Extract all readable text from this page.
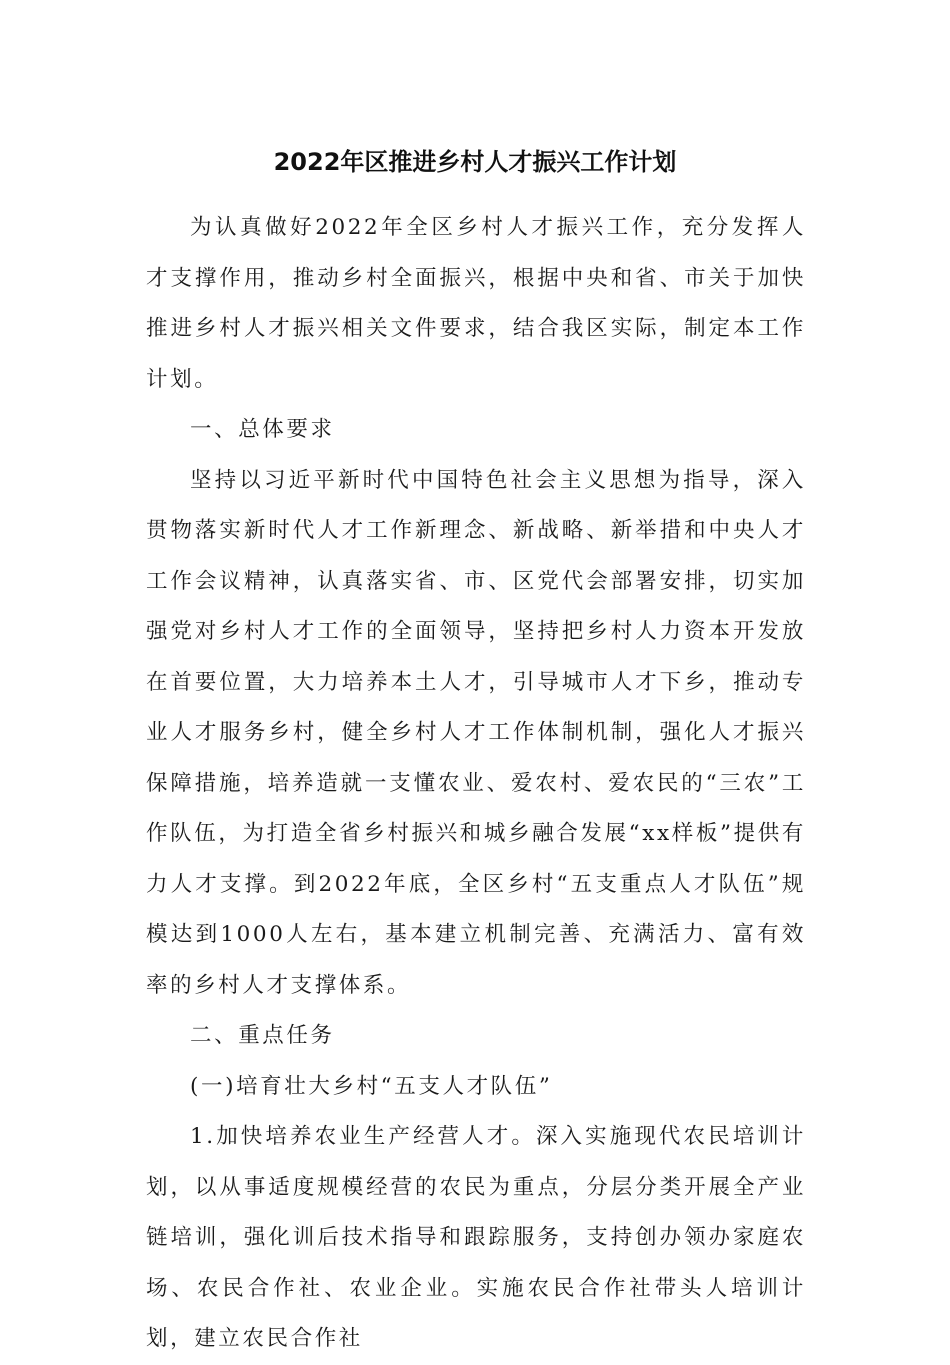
2022年区推进乡村人才振兴工作计划

为认真做好2022年全区乡村人才振兴工作，充分发挥人才支撑作用，推动乡村全面振兴，根据中央和省、市关于加快推进乡村人才振兴相关文件要求，结合我区实际，制定本工作计划。

一、总体要求

坚持以习近平新时代中国特色社会主义思想为指导，深入贯物落实新时代人才工作新理念、新战略、新举措和中央人才工作会议精神，认真落实省、市、区党代会部署安排，切实加强党对乡村人才工作的全面领导，坚持把乡村人力资本开发放在首要位置，大力培养本土人才，引导城市人才下乡，推动专业人才服务乡村，健全乡村人才工作体制机制，强化人才振兴保障措施，培养造就一支懂农业、爱农村、爱农民的“三农”工作队伍，为打造全省乡村振兴和城乡融合发展“xx样板”提供有力人才支撑。到2022年底，全区乡村“五支重点人才队伍”规模达到1000人左右，基本建立机制完善、充满活力、富有效率的乡村人才支撑体系。

二、重点任务

(一)培育壮大乡村“五支人才队伍”

1.加快培养农业生产经营人才。深入实施现代农民培训计划，以从事适度规模经营的农民为重点，分层分类开展全产业链培训，强化训后技术指导和跟踪服务，支持创办领办家庭农场、农民合作社、农业企业。实施农民合作社带头人培训计划，建立农民合作社
